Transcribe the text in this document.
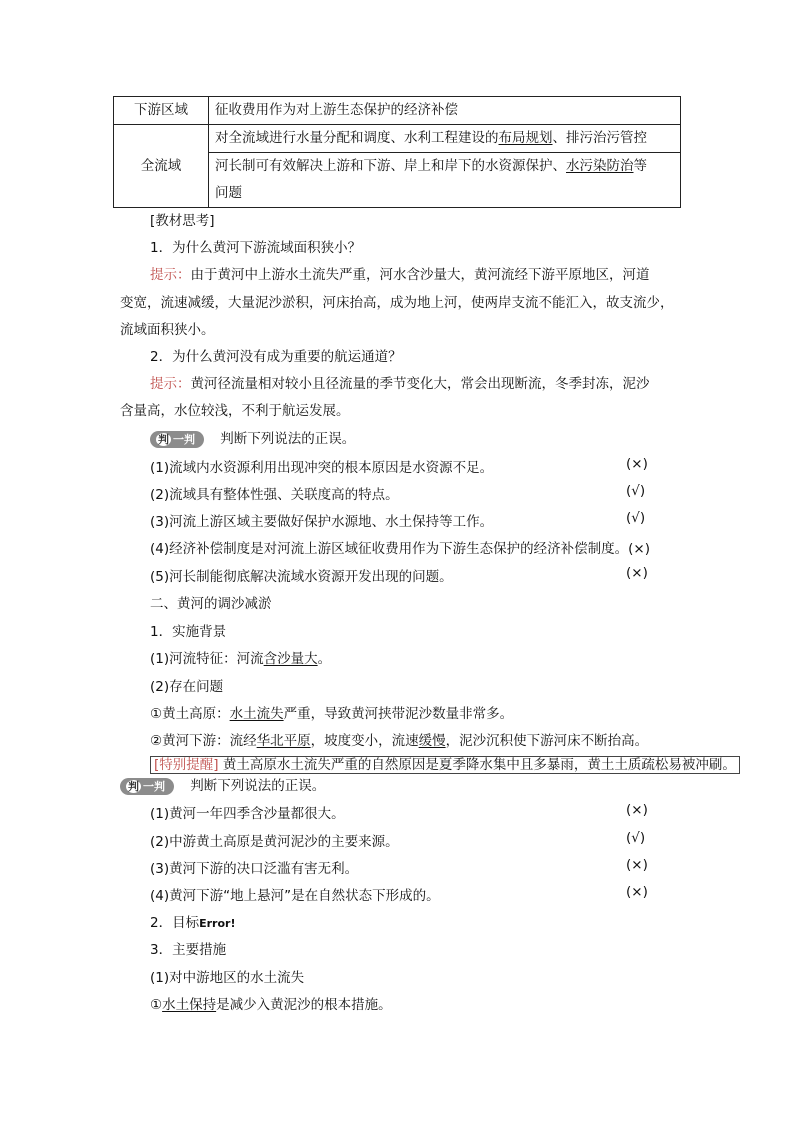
下游区域	征收费用作为对上游生态保护的经济补偿
全流域	对全流域进行水量分配和调度、水利工程建设的布局规划、排污治污管控
	河长制可有效解决上游和下游、岸上和岸下的水资源保护、水污染防治等
问题
[教材思考]
1．为什么黄河下游流域面积狭小？
提示：由于黄河中上游水土流失严重，河水含沙量大，黄河流经下游平原地区，河道
变宽，流速减缓，大量泥沙淤积，河床抬高，成为地上河，使两岸支流不能汇入，故支流少，
流域面积狭小。
2．为什么黄河没有成为重要的航运通道？
提示：黄河径流量相对较小且径流量的季节变化大，常会出现断流，冬季封冻，泥沙
含量高，水位较浅，不利于航运发展。
判 一判 判断下列说法的正误。
(1)流域内水资源利用出现冲突的根本原因是水资源不足。	(×)
(2)流域具有整体性强、关联度高的特点。	(√)
(3)河流上游区域主要做好保护水源地、水土保持等工作。	(√)
(4)经济补偿制度是对河流上游区域征收费用作为下游生态保护的经济补偿制度。(×)
(5)河长制能彻底解决流域水资源开发出现的问题。	(×)
二、黄河的调沙减淤
1．实施背景
(1)河流特征：河流含沙量大。
(2)存在问题
①黄土高原：水土流失严重，导致黄河挟带泥沙数量非常多。
②黄河下游：流经华北平原，坡度变小，流速缓慢，泥沙沉积使下游河床不断抬高。
[特别提醒] 黄土高原水土流失严重的自然原因是夏季降水集中且多暴雨，黄土土质疏松易被冲刷。
判 一判 判断下列说法的正误。
(1)黄河一年四季含沙量都很大。	(×)
(2)中游黄土高原是黄河泥沙的主要来源。	(√)
(3)黄河下游的决口泛滥有害无利。	(×)
(4)黄河下游“地上悬河”是在自然状态下形成的。	(×)
2．目标Error!
3．主要措施
(1)对中游地区的水土流失
①水土保持是减少入黄泥沙的根本措施。
